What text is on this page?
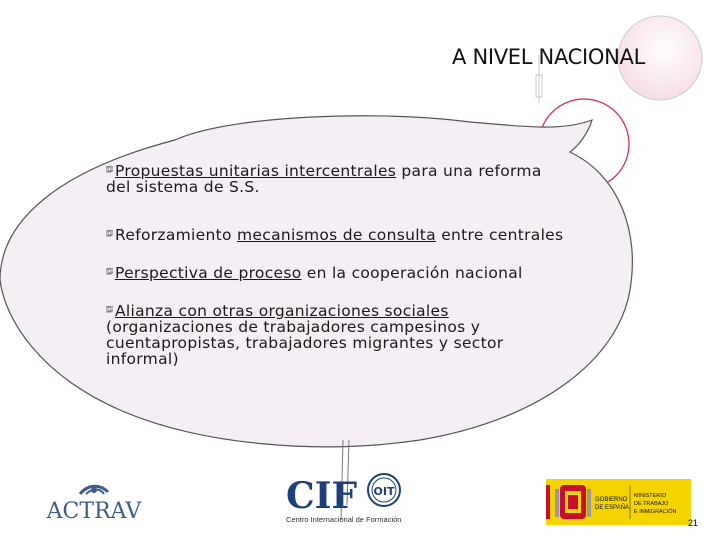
A NIVEL NACIONAL
Propuestas unitarias intercentrales para una reforma del sistema de S.S.
Reforzamiento mecanismos de consulta entre centrales
Perspectiva de proceso en la cooperación nacional
Alianza con otras organizaciones sociales (organizaciones de trabajadores campesinos y cuentapropistas, trabajadores migrantes y sector informal)
ACTRAV	CIF OIT
Centro Internacional de Formación
GOBIERNO
DE ESPAÑA
MINISTERIO
DE TRABAJO
E INMIGRACIÓN
21
